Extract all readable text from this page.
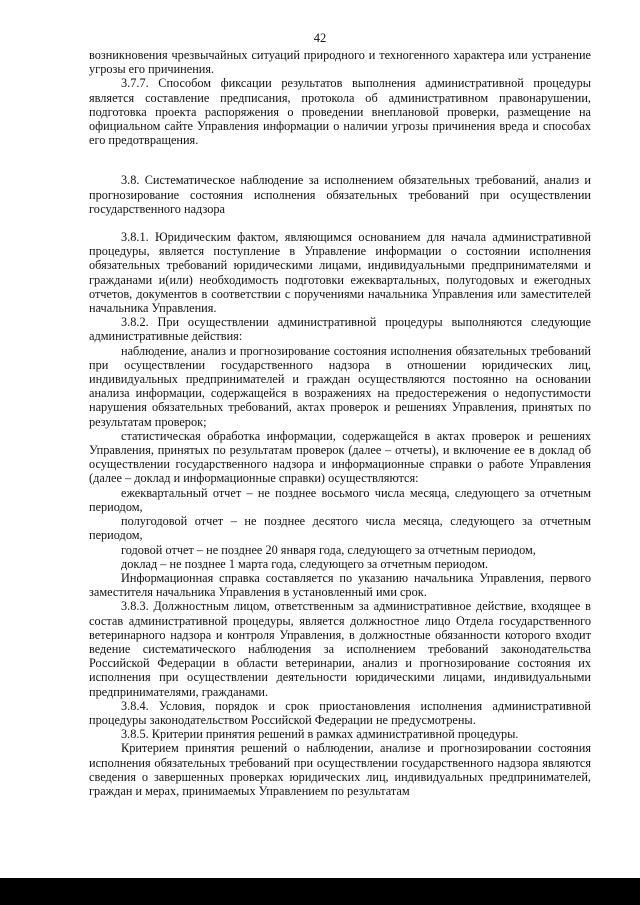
42

возникновения чрезвычайных ситуаций природного и техногенного характера или устранение угрозы его причинения.

3.7.7. Способом фиксации результатов выполнения административной процедуры является составление предписания, протокола об административном правонарушении, подготовка проекта распоряжения о проведении внеплановой проверки, размещение на официальном сайте Управления информации о наличии угрозы причинения вреда и способах его предотвращения.

3.8. Систематическое наблюдение за исполнением обязательных требований, анализ и прогнозирование состояния исполнения обязательных требований при осуществлении государственного надзора

3.8.1. Юридическим фактом, являющимся основанием для начала административной процедуры, является поступление в Управление информации о состоянии исполнения обязательных требований юридическими лицами, индивидуальными предпринимателями и гражданами и(или) необходимость подготовки ежеквартальных, полугодовых и ежегодных отчетов, документов в соответствии с поручениями начальника Управления или заместителей начальника Управления.

3.8.2. При осуществлении административной процедуры выполняются следующие административные действия:

наблюдение, анализ и прогнозирование состояния исполнения обязательных требований при осуществлении государственного надзора в отношении юридических лиц, индивидуальных предпринимателей и граждан осуществляются постоянно на основании анализа информации, содержащейся в возражениях на предостережения о недопустимости нарушения обязательных требований, актах проверок и решениях Управления, принятых по результатам проверок;

статистическая обработка информации, содержащейся в актах проверок и решениях Управления, принятых по результатам проверок (далее – отчеты), и включение ее в доклад об осуществлении государственного надзора и информационные справки о работе Управления (далее – доклад и информационные справки) осуществляются:

ежеквартальный отчет – не позднее восьмого числа месяца, следующего за отчетным периодом,

полугодовой отчет – не позднее десятого числа месяца, следующего за отчетным периодом,

годовой отчет – не позднее 20 января года, следующего за отчетным периодом,

доклад – не позднее 1 марта года, следующего за отчетным периодом.

Информационная справка составляется по указанию начальника Управления, первого заместителя начальника Управления в установленный ими срок.

3.8.3. Должностным лицом, ответственным за административное действие, входящее в состав административной процедуры, является должностное лицо Отдела государственного ветеринарного надзора и контроля Управления, в должностные обязанности которого входит ведение систематического наблюдения за исполнением требований законодательства Российской Федерации в области ветеринарии, анализ и прогнозирование состояния их исполнения при осуществлении деятельности юридическими лицами, индивидуальными предпринимателями, гражданами.

3.8.4. Условия, порядок и срок приостановления исполнения административной процедуры законодательством Российской Федерации не предусмотрены.

3.8.5. Критерии принятия решений в рамках административной процедуры.

Критерием принятия решений о наблюдении, анализе и прогнозировании состояния исполнения обязательных требований при осуществлении государственного надзора являются сведения о завершенных проверках юридических лиц, индивидуальных предпринимателей, граждан и мерах, принимаемых Управлением по результатам
